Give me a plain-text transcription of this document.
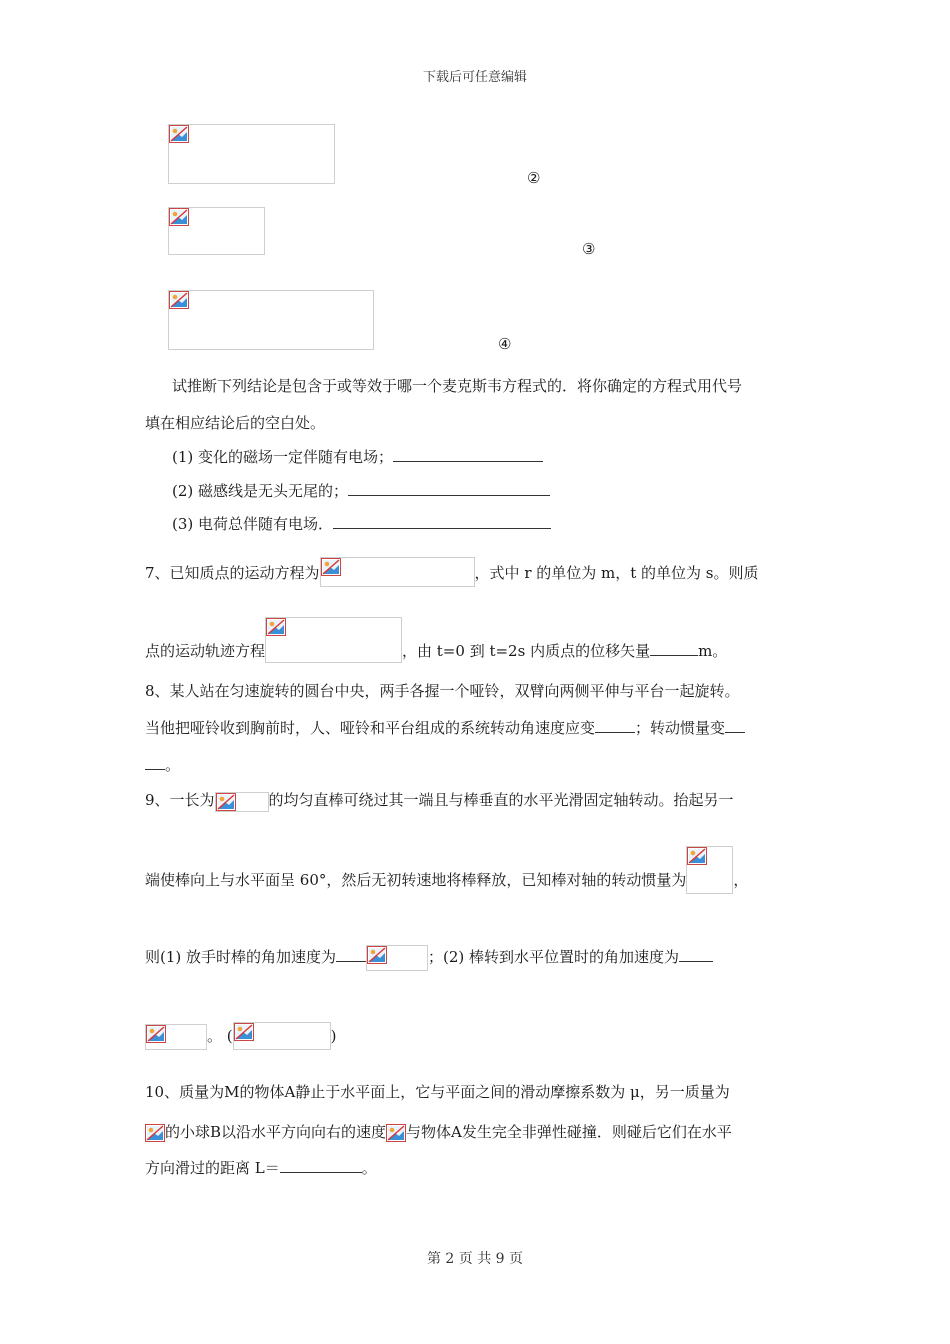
下载后可任意编辑
②
③
④
试推断下列结论是包含于或等效于哪一个麦克斯韦方程式的．将你确定的方程式用代号
填在相应结论后的空白处。
(1) 变化的磁场一定伴随有电场；
(2) 磁感线是无头无尾的；
(3) 电荷总伴随有电场．
7、已知质点的运动方程为	，式中 r 的单位为 m，t 的单位为 s。则质
点的运动轨迹方程	，由 t=0 到 t=2s 内质点的位移矢量	m。
8、某人站在匀速旋转的圆台中央，两手各握一个哑铃，双臂向两侧平伸与平台一起旋转。
当他把哑铃收到胸前时，人、哑铃和平台组成的系统转动角速度应变	；转动惯量变
。
9、一长为	的均匀直棒可绕过其一端且与棒垂直的水平光滑固定轴转动。抬起另一
端使棒向上与水平面呈 60°，然后无初转速地将棒释放，已知棒对轴的转动惯量为	，
则(1) 放手时棒的角加速度为	；(2) 棒转到水平位置时的角加速度为
。 (	)
10、质量为M的物体A静止于水平面上，它与平面之间的滑动摩擦系数为 μ，另一质量为
的小球B以沿水平方向向右的速度 与物体A发生完全非弹性碰撞．则碰后它们在水平
方向滑过的距离 L＝	。
第 2 页 共 9 页
